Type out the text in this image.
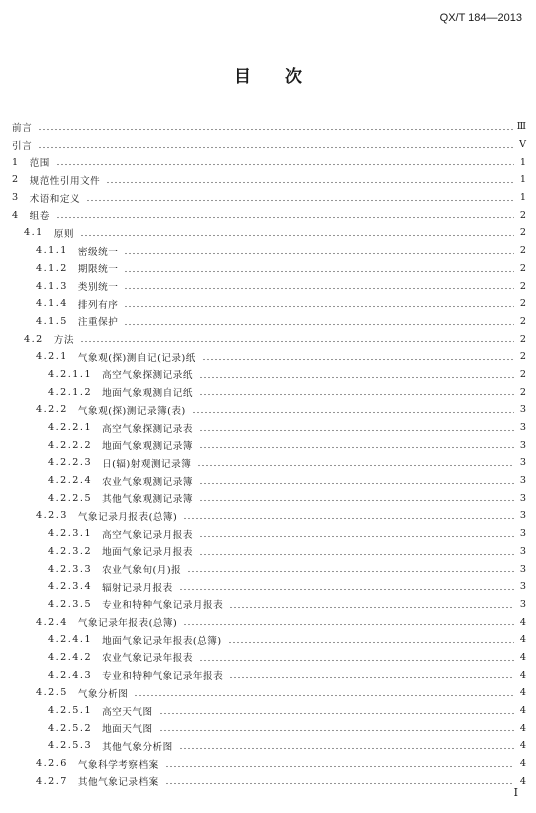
QX/T 184—2013
目 次
前言	Ⅲ
引言	Ⅴ
1 范围	1
2 规范性引用文件	1
3 术语和定义	1
4 组卷	2
4.1 原则	2
4.1.1 密级统一	2
4.1.2 期限统一	2
4.1.3 类别统一	2
4.1.4 排列有序	2
4.1.5 注重保护	2
4.2 方法	2
4.2.1 气象观(探)测自记(记录)纸	2
4.2.1.1 高空气象探测记录纸	2
4.2.1.2 地面气象观测自记纸	2
4.2.2 气象观(探)测记录簿(表)	3
4.2.2.1 高空气象探测记录表	3
4.2.2.2 地面气象观测记录簿	3
4.2.2.3 日(辐)射观测记录簿	3
4.2.2.4 农业气象观测记录簿	3
4.2.2.5 其他气象观测记录簿	3
4.2.3 气象记录月报表(总簿)	3
4.2.3.1 高空气象记录月报表	3
4.2.3.2 地面气象记录月报表	3
4.2.3.3 农业气象旬(月)报	3
4.2.3.4 辐射记录月报表	3
4.2.3.5 专业和特种气象记录月报表	3
4.2.4 气象记录年报表(总簿)	4
4.2.4.1 地面气象记录年报表(总簿)	4
4.2.4.2 农业气象记录年报表	4
4.2.4.3 专业和特种气象记录年报表	4
4.2.5 气象分析图	4
4.2.5.1 高空天气图	4
4.2.5.2 地面天气图	4
4.2.5.3 其他气象分析图	4
4.2.6 气象科学考察档案	4
4.2.7 其他气象记录档案	4
Ⅰ
